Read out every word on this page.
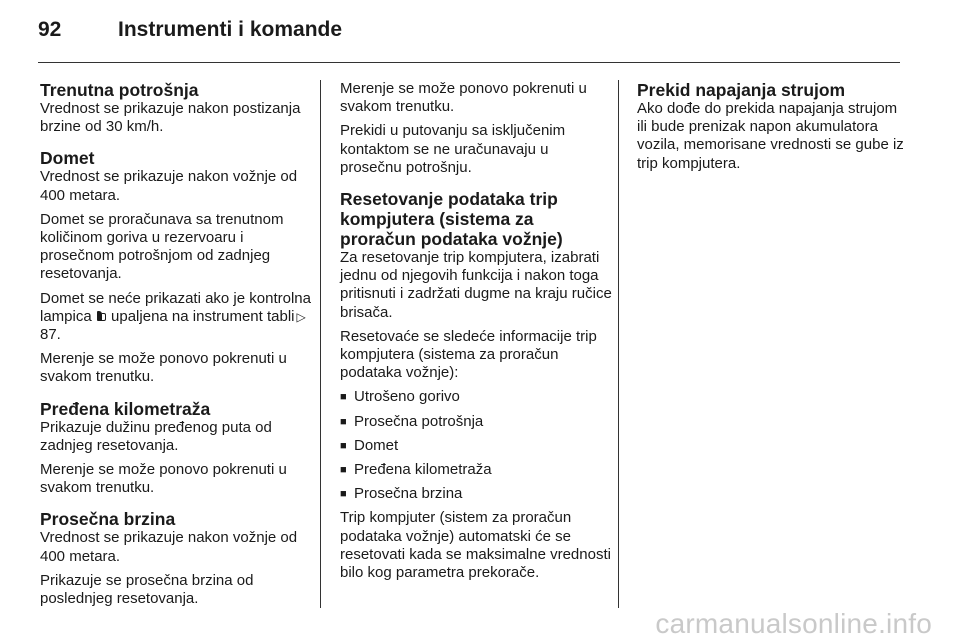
92	Instrumenti i komande
Trenutna potrošnja

Vrednost se prikazuje nakon postizanja brzine od 30 km/h.

Domet

Vrednost se prikazuje nakon vožnje od 400 metara.

Domet se proračunava sa trenutnom količinom goriva u rezervoaru i prosečnom potrošnjom od zadnjeg resetovanja.

Domet se neće prikazati ako je kontrolna lampica upaljena na instrument tabli ▷87.

Merenje se može ponovo pokrenuti u svakom trenutku.

Pređena kilometraža

Prikazuje dužinu pređenog puta od zadnjeg resetovanja.

Merenje se može ponovo pokrenuti u svakom trenutku.

Prosečna brzina

Vrednost se prikazuje nakon vožnje od 400 metara.

Prikazuje se prosečna brzina od poslednjeg resetovanja.

Merenje se može ponovo pokrenuti u svakom trenutku.

Prekidi u putovanju sa isključenim kontaktom se ne uračunavaju u prosečnu potrošnju.

Resetovanje podataka trip kompjutera (sistema za proračun podataka vožnje)

Za resetovanje trip kompjutera, izabrati jednu od njegovih funkcija i nakon toga pritisnuti i zadržati dugme na kraju ručice brisača.

Resetovaće se sledeće informacije trip kompjutera (sistema za proračun podataka vožnje):

■ Utrošeno gorivo
■ Prosečna potrošnja
■ Domet
■ Pređena kilometraža
■ Prosečna brzina

Trip kompjuter (sistem za proračun podataka vožnje) automatski će se resetovati kada se maksimalne vrednosti bilo kog parametra prekorače.

Prekid napajanja strujom

Ako dođe do prekida napajanja strujom ili bude prenizak napon akumulatora vozila, memorisane vrednosti se gube iz trip kompjutera.

carmanualsonline.info
